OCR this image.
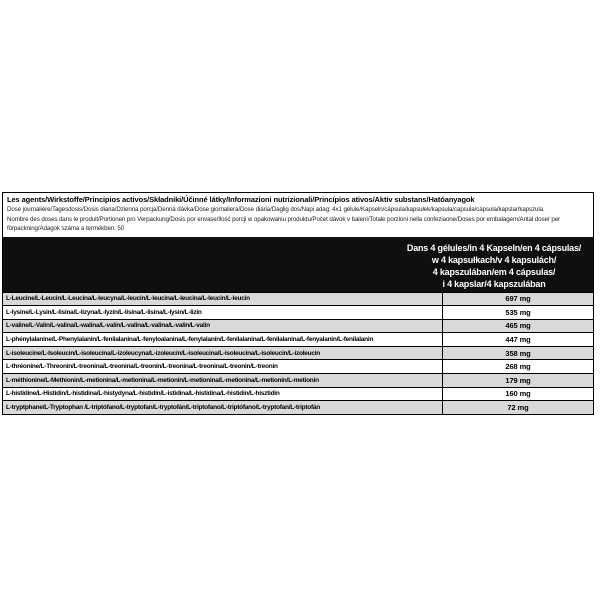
Les agents/Wirkstoffe/Principios activos/Składniki/Účinné látky/Informazioni nutrizionali/Princípios ativos/Aktiv substans/Hatóanyagok
Dose journalière/Tagesdosis/Dosis diaria/Dzienna porcja/Denná dávka/Dose giornaliera/Dose diária/Daglig dos/Napi adag: 4x1 gélule/Kapseln/cápsula/kapsułek/kapsula/capsula/cápsula/kapslar/kapszula.
Nombre des doses dans le produit/Portionen pro Verpackung/Dosis por envase/Ilość porcji w opakowaniu produktu/Počet dávok v balení/Totale porzioni nella confeziaone/Doses por embalagem/Antal doser per förpackning/Adagok száma a termékben: 50
Dans 4 gélules/in 4 Kapseln/en 4 cápsulas/
w 4 kapsułkach/v 4 kapsulách/
4 kapszulában/em 4 cápsulas/
i 4 kapslar/4 kapszulában
L-Leucine/L-Leucin/L-Leucina/L-leucyna/L-leucín/L-leucina/L-leucina/L-leucin/L-leucin	697 mg
L-lysine/L-Lysin/L-lisina/L-lizyna/L-lyzín/L-lisina/L-lisina/L-lysin/L-lizin	535 mg
L-valine/L-Valin/L-valina/L-walina/L-valín/L-valina/L-valina/L-valin/L-valin	465 mg
L-phénylalanine/L-Phenylalanin/L-fenilalanina/L-fenyloalanina/L-fenylalanín/L-fenilalanina/L-fenilalanina/L-fenyalanin/L-fenilalanin	447 mg
L-isoleucine/L-Isoleucin/L-isoleucina/L-izoleucyna/L-izoleucín/L-isoleucina/L-isoleucina/L-isoleucin/L-izoleucin	358 mg
L-thréonine/L-Threonin/L-treonina/L-treonina/L-treonín/L-treonina/L-treonina/L-treonin/L-treonin	268 mg
L-méthionine/L-Methionin/L-metionina/L-metionina/L-metionín/L-metionina/L-metionina/L-metionin/L-metionin	179 mg
L-histidine/L-Histidin/L-histidina/L-histydyna/L-histidín/L-istidina/L-histidina/L-histidin/L-hisztidin	160 mg
L-tryptphane/L-Tryptophan /L-triptófano/L-tryptofan/L-tryptofán/L-triptofano/L-triptófano/L-tryptofan/L-triptofán	72 mg
